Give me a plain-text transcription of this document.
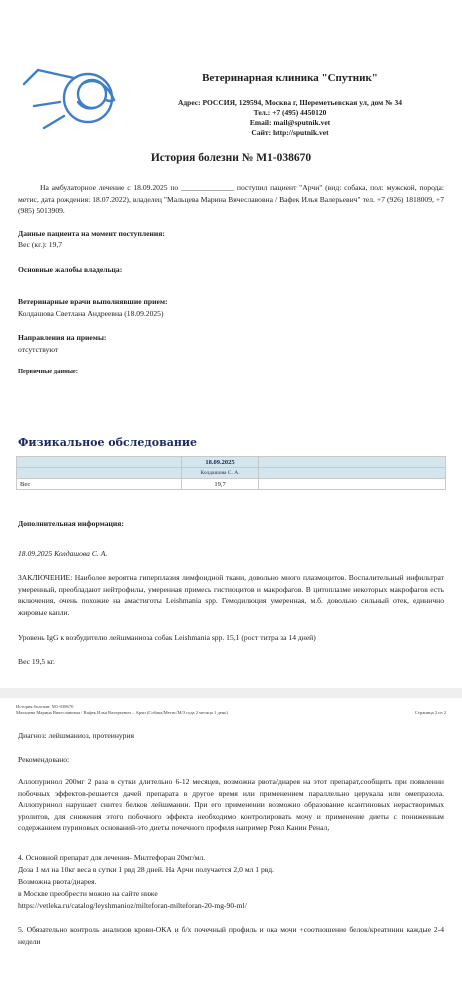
Ветеринарная клиника "Спутник"
Адрес: РОССИЯ, 129594, Москва г, Шереметьевская ул, дом № 34
Тел.: +7 (495) 4450120
Email: mail@sputnik.vet
Сайт: http://sputnik.vet
История болезни № М1-038670
На амбулаторное лечение с 18.09.2025 по ______________ поступил пациент "Арчи" (вид: собака, пол: мужской, порода: метис, дата рождения: 18.07.2022), владелец "Мальцева Марина Вячеславовна / Вафек Илья Валерьевич" тел. +7 (926) 1818009, +7 (985) 5013909.
Данные пациента на момент поступления:
Вес (кг.): 19,7
Основные жалобы владельца:
Ветеринарные врачи выполнявшие прием:
Колдашова Светлана Андреевна (18.09.2025)
Направления на приемы:
отсутствуют
Первичные данные:
Физикальное обследование
	18.09.2025	
	Колдашова С. А.	
Вес	19,7	
Дополнительная информация:
18.09.2025 Колдашова С. А.
ЗАКЛЮЧЕНИЕ: Наиболее вероятна гиперплазия лимфоидной ткани, довольно много плазмоцитов. Воспалительный инфильтрат умеренный, преобладают нейтрофилы, умеренная примесь гистиоцитов и макрофагов. В цитоплазме некоторых макрофагов есть включения, очень похожие на амастиготы Leishmania spp. Гемодилюция умеренная, м.б. довольно сильный отек, единично жировые капли.
Уровень IgG к возбудителю лейшманиоза собак Leishmania spp. 15,1 (рост титра за 14 дней)
Вес 19,5 кг.
История болезни: М1-038670
Мальцева Марина Вячеславовна / Вафек Илья Валерьевич – Арчи (Собака/Метис/М/3 года 2 месяца 1 день)	Страница 2 из 2
Диагноз: лейшманиоз, протеинурия
Рекомендовано:
Аллопуринол 200мг 2 раза в сутки длительно 6-12 месяцев, возможна рвота/диарея на этот препарат,сообщить при появлении побочных эффектов-решается дачей препарата в другое время или применением параллельно церукала или омепразола. Аллопуринол нарушает синтез белков лейшмании. При его применении возможно образование ксантиновых нерастворимых уролитов, для снижения этого побочного эффекта необходимо контролировать мочу и применение диеты с пониженным содержанием пуриновых оснований-это диеты почечного профиля например Роял Канин Ренал,
4. Основной препарат для лечения- Милтефоран 20мг/мл.
Доза 1 мл на 10кг веса в сутки 1 рвд 28 дней. На Арчи получается 2,0 мл 1 рвд.
Возможна рвота/диарея.
в Москве преобрести можно на сайте ниже
https://vetleka.ru/catalog/leyshmanioz/milteforan-milteforan-20-mg-90-ml/
5. Обязательно контроль анализов крови-ОКА и б/х почечный профиль и ока мочи +соотношение белок/креатинин каждые 2-4 недели
